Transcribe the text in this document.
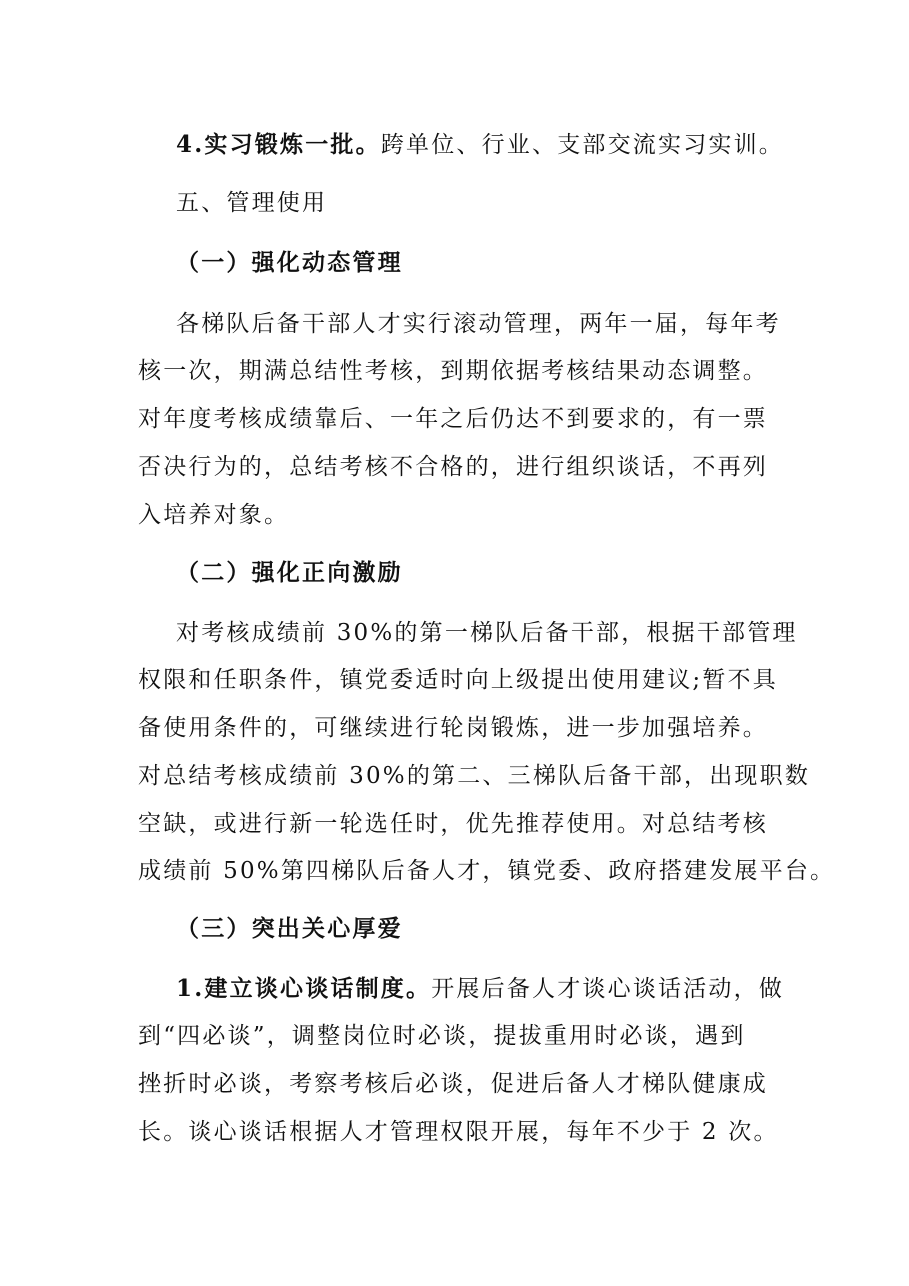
4.实习锻炼一批。跨单位、行业、支部交流实习实训。
五、管理使用
（一）强化动态管理
各梯队后备干部人才实行滚动管理，两年一届，每年考
核一次，期满总结性考核，到期依据考核结果动态调整。
对年度考核成绩靠后、一年之后仍达不到要求的，有一票
否决行为的，总结考核不合格的，进行组织谈话，不再列
入培养对象。
（二）强化正向激励
对考核成绩前 30%的第一梯队后备干部，根据干部管理
权限和任职条件，镇党委适时向上级提出使用建议;暂不具
备使用条件的，可继续进行轮岗锻炼，进一步加强培养。
对总结考核成绩前 30%的第二、三梯队后备干部，出现职数
空缺，或进行新一轮选任时，优先推荐使用。对总结考核
成绩前 50%第四梯队后备人才，镇党委、政府搭建发展平台。
（三）突出关心厚爱
1.建立谈心谈话制度。开展后备人才谈心谈话活动，做
到“四必谈”，调整岗位时必谈，提拔重用时必谈，遇到
挫折时必谈，考察考核后必谈，促进后备人才梯队健康成
长。谈心谈话根据人才管理权限开展，每年不少于 2 次。
